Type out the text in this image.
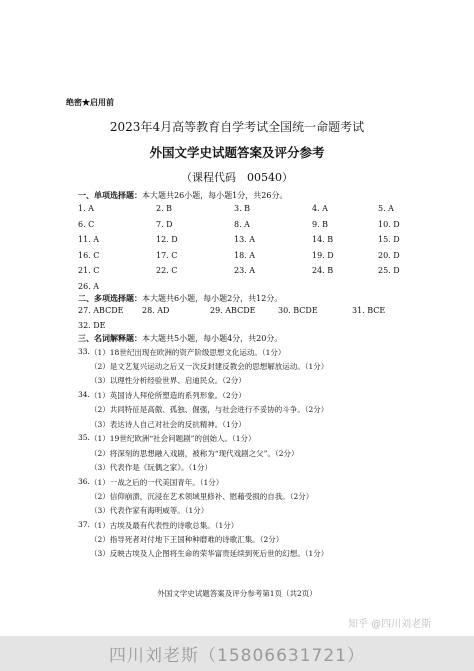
绝密★启用前
2023年4月高等教育自学考试全国统一命题考试
外国文学史试题答案及评分参考
（课程代码　00540）
一、单项选择题：本大题共26小题，每小题1分，共26分。
1. A	2. B	3. B	4. A	5. A
6. C	7. D	8. A	9. B	10. D
11. A	12. D	13. A	14. B	15. D
16. C	17. C	18. A	19. D	20. D
21. C	22. C	23. A	24. B	25. D
26. A
二、多项选择题：本大题共6小题，每小题2分，共12分。
27. ABCDE 28. AD	29. ABCDE	30. BCDE	31. BCE
32. DE
三、名词解释题：本大题共5小题，每小题4分，共20分。
33. （1）18世纪出现在欧洲的资产阶级思想文化运动。（1分）
（2）是文艺复兴运动之后又一次反封建反教会的思想解放运动。（1分）
（3）以理性分析经验世界、启迪民众。（2分）
34. （1）英国诗人拜伦所塑造的系列形象。（2分）
（2）共同特征是高傲、孤独、倔强，与社会进行不妥协的斗争。（2分）
（3）表达诗人自己对社会的反抗精神。（1分）
35. （1）19世纪欧洲“社会问题剧”的创始人。（1分）
（2）将深刻的思想融入戏剧，被称为“现代戏剧之父”。（2分）
（3）代表作是《玩偶之家》。（1分）
36. （1）一战之后的一代美国青年。（1分）
（2）信仰崩溃，沉浸在艺术领域里修补、慰藉受损的自我。（2分）
（3）代表作家有海明威等。（1分）
37. （1）古埃及最有代表性的诗歌总集。（1分）
（2）指导死者对付地下王国种种磨难的诗歌汇集。（2分）
（3）反映古埃及人企图将生命的荣华富贵延续到死后世的幻想。（1分）
外国文学史试题答案及评分参考第1页（共2页）
知乎 @四川刘老斯
四川刘老斯（15806631721）
